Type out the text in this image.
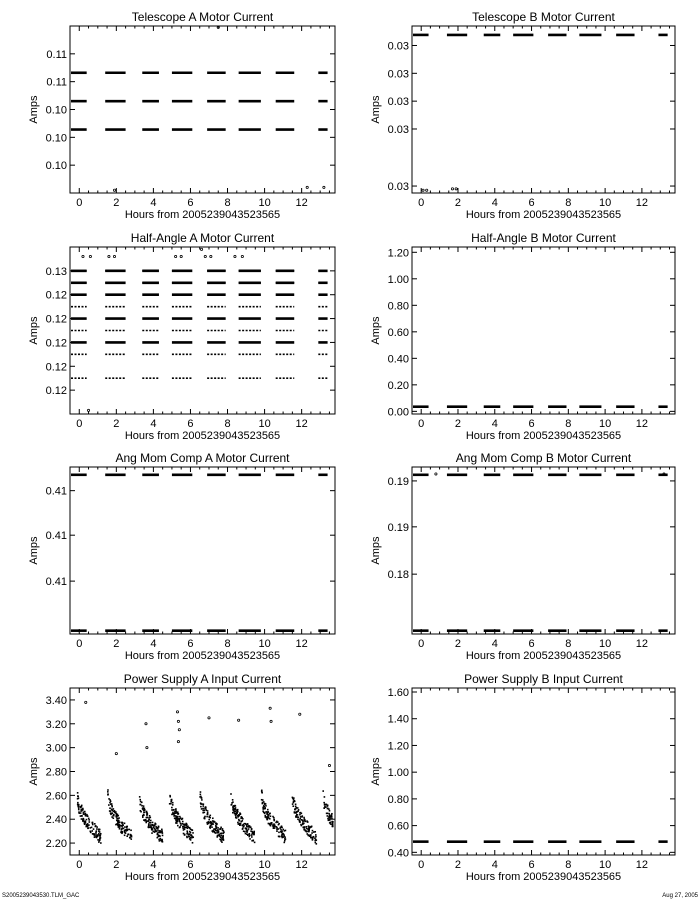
Telescope A Motor Current
0	2	4	6	8	10 12
Hours from 2005239043523565
0.10
0.10
0.10
0.11
0.11
Amps
Telescope B Motor Current
0	2	4	6	8	10 12
Hours from 2005239043523565
0.03
0.03
0.03
0.03
0.03
Amps
Half-Angle A Motor Current
0	2	4	6	8	10 12
Hours from 2005239043523565
0.12
0.12
0.12
0.12
0.12
0.13
Amps
Half-Angle B Motor Current
0	2	4	6	8	10 12
Hours from 2005239043523565
0.00
0.20
0.40
0.60
0.80
1.00
1.20
Amps
Ang Mom Comp A Motor Current
0	2	4	6	8	10 12
Hours from 2005239043523565
0.41
0.41
0.41
Amps
Ang Mom Comp B Motor Current
0	2	4	6	8	10 12
Hours from 2005239043523565
0.18
0.19
0.19
Amps
Power Supply A Input Current
0	2	4	6	8	10 12
Hours from 2005239043523565
2.20
2.40
2.60
2.80
3.00
3.20
3.40
Amps
Power Supply B Input Current
0	2	4	6	8	10 12
Hours from 2005239043523565
0.40
0.60
0.80
1.00
1.20
1.40
1.60
Amps
S2005239043530.TLM_GAC	Aug 27, 2005
